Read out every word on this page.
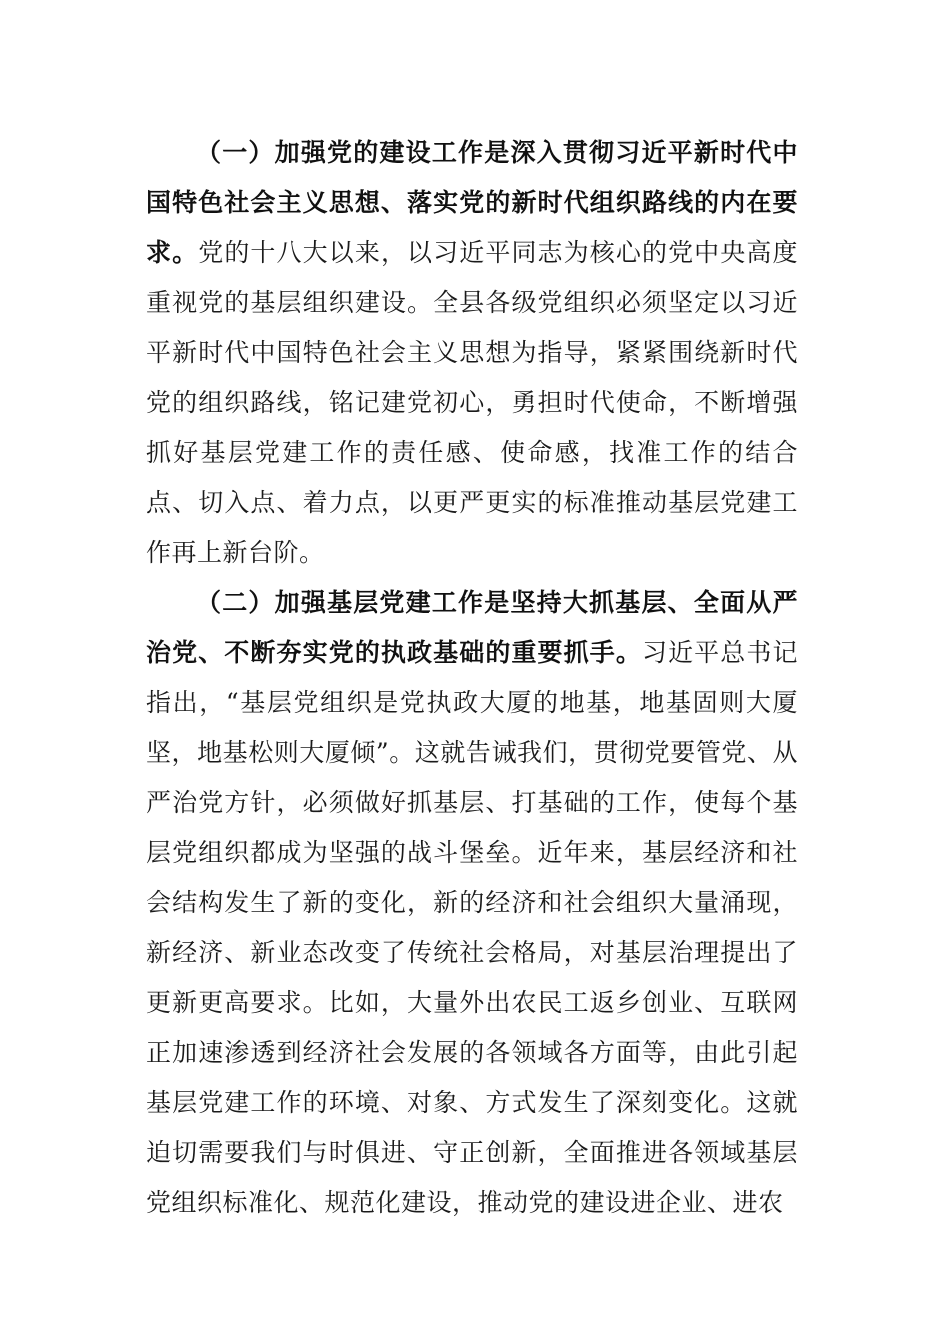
（一）加强党的建设工作是深入贯彻习近平新时代中国特色社会主义思想、落实党的新时代组织路线的内在要求。党的十八大以来，以习近平同志为核心的党中央高度重视党的基层组织建设。全县各级党组织必须坚定以习近平新时代中国特色社会主义思想为指导，紧紧围绕新时代党的组织路线，铭记建党初心，勇担时代使命，不断增强抓好基层党建工作的责任感、使命感，找准工作的结合点、切入点、着力点，以更严更实的标准推动基层党建工作再上新台阶。

（二）加强基层党建工作是坚持大抓基层、全面从严治党、不断夯实党的执政基础的重要抓手。习近平总书记指出，“基层党组织是党执政大厦的地基，地基固则大厦坚，地基松则大厦倾”。这就告诫我们，贯彻党要管党、从严治党方针，必须做好抓基层、打基础的工作，使每个基层党组织都成为坚强的战斗堡垒。近年来，基层经济和社会结构发生了新的变化，新的经济和社会组织大量涌现，新经济、新业态改变了传统社会格局，对基层治理提出了更新更高要求。比如，大量外出农民工返乡创业、互联网正加速渗透到经济社会发展的各领域各方面等，由此引起基层党建工作的环境、对象、方式发生了深刻变化。这就迫切需要我们与时俱进、守正创新，全面推进各领域基层党组织标准化、规范化建设，推动党的建设进企业、进农
